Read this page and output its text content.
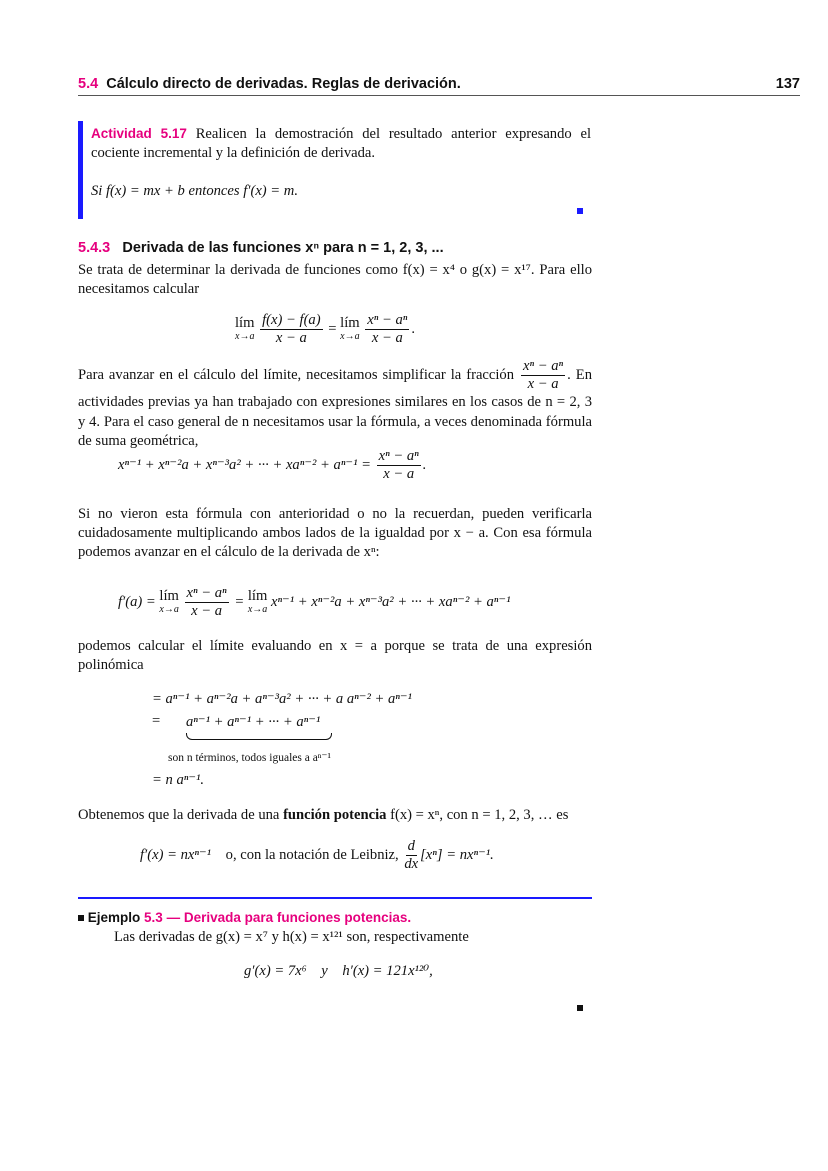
5.4 Cálculo directo de derivadas. Reglas de derivación.	137
Actividad 5.17 Realicen la demostración del resultado anterior expresando el cociente incremental y la definición de derivada.
Si f(x) = mx + b entonces f′(x) = m.
5.4.3 Derivada de las funciones xⁿ para n = 1, 2, 3, ...
Se trata de determinar la derivada de funciones como f(x) = x⁴ o g(x) = x¹⁷. Para ello necesitamos calcular
lím
x→a
$\frac{f(x) - f(a)}{x - a}$ = lím
x→a
$\frac{\text{xⁿ − aⁿ}}{x - a}$ .
Para avanzar en el cálculo del límite, necesitamos simplificar la fracción $\frac{\text{xⁿ − aⁿ}}{x - a}$ . En actividades previas ya han trabajado con expresiones similares en los casos de n = 2, 3 y 4. Para el caso general de n necesitamos usar la fórmula, a veces denominada fórmula de suma geométrica,
xⁿ⁻¹ + xⁿ⁻²a + xⁿ⁻³a² + ··· + $xa^{n-2} + a^{n-1} = \frac{\text{xⁿ − aⁿ}}{x - a}$ .
Si no vieron esta fórmula con anterioridad o no la recuerdan, pueden verificarla cuidadosamente multiplicando ambos lados de la igualdad por x − a. Con esa fórmula podemos avanzar en el cálculo de la derivada de xⁿ:
f′(a) = lím
x→a
$\frac{\text{xⁿ − aⁿ}}{x - a}$ = lím
x→a xⁿ⁻¹ + xⁿ⁻²a + xⁿ⁻³a² + ··· + xaⁿ⁻² + aⁿ⁻¹
podemos calcular el límite evaluando en x = a porque se trata de una expresión polinómica
= aⁿ⁻¹ + aⁿ⁻²a + aⁿ⁻³a² + ··· + a aⁿ⁻² + aⁿ⁻¹
= aⁿ⁻¹ + aⁿ⁻¹ + ··· + aⁿ⁻¹
son n términos, todos iguales a aⁿ⁻¹
= n aⁿ⁻¹.
Obtenemos que la derivada de una función potencia f(x) = xⁿ, con n = 1, 2, 3, … es
f′(x) = nxⁿ⁻¹ o, con la notación de Leibniz, $\frac{d}{dx} [x^n] = nx^{n-1}$.
Ejemplo 5.3 — Derivada para funciones potencias.
Las derivadas de g(x) = x⁷ y h(x) = x¹²¹ son, respectivamente
g′(x) = 7x⁶    y    h′(x) = 121x¹²⁰,
